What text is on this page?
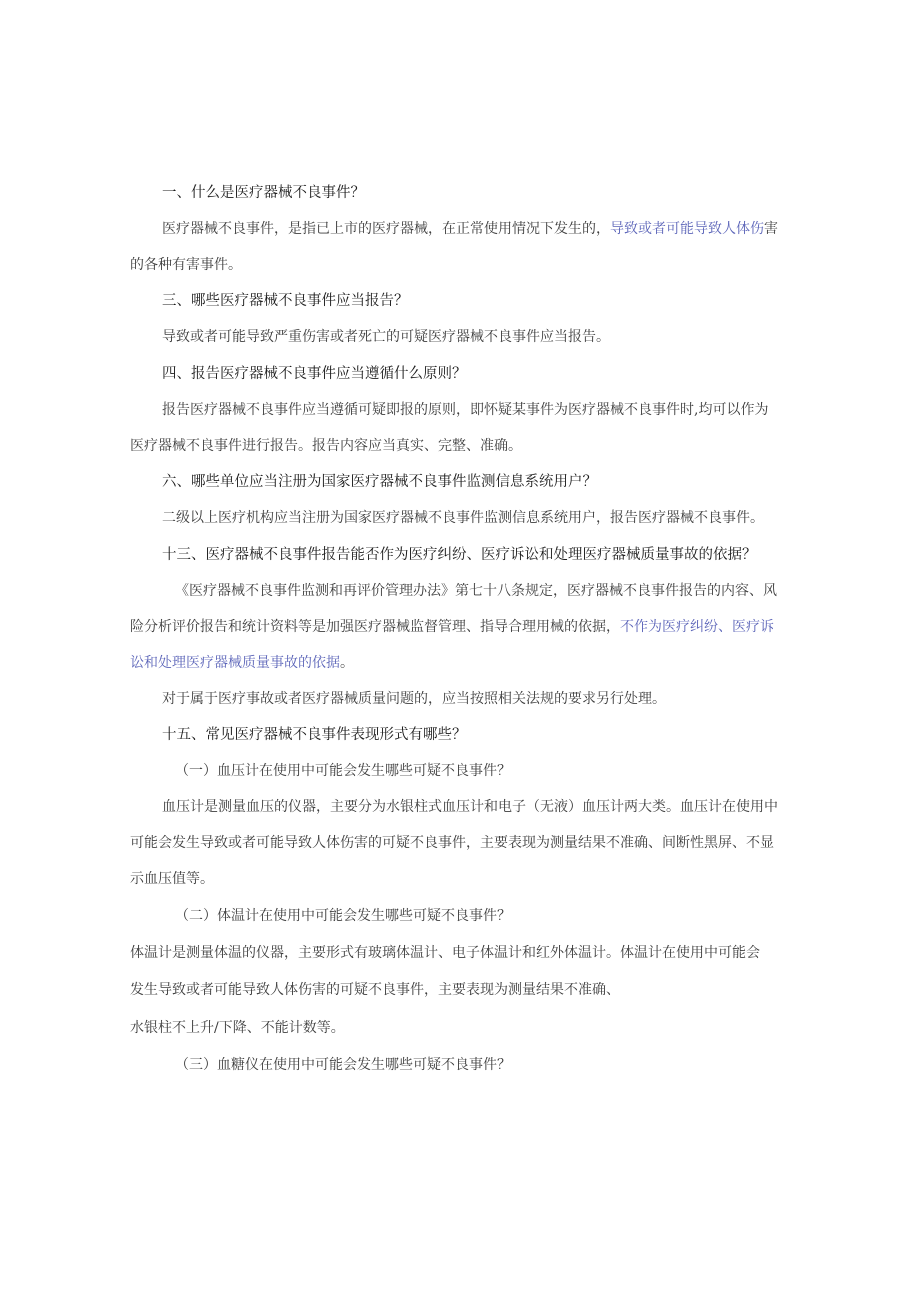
一、什么是医疗器械不良事件？
医疗器械不良事件，是指已上市的医疗器械，在正常使用情况下发生的，导致或者可能导致人体伤害
的各种有害事件。
三、哪些医疗器械不良事件应当报告？
导致或者可能导致严重伤害或者死亡的可疑医疗器械不良事件应当报告。
四、报告医疗器械不良事件应当遵循什么原则？
报告医疗器械不良事件应当遵循可疑即报的原则，即怀疑某事件为医疗器械不良事件时,均可以作为
医疗器械不良事件进行报告。报告内容应当真实、完整、准确。
六、哪些单位应当注册为国家医疗器械不良事件监测信息系统用户？
二级以上医疗机构应当注册为国家医疗器械不良事件监测信息系统用户，报告医疗器械不良事件。
十三、医疗器械不良事件报告能否作为医疗纠纷、医疗诉讼和处理医疗器械质量事故的依据？
《医疗器械不良事件监测和再评价管理办法》第七十八条规定，医疗器械不良事件报告的内容、风
险分析评价报告和统计资料等是加强医疗器械监督管理、指导合理用械的依据，不作为医疗纠纷、医疗诉
讼和处理医疗器械质量事故的依据。
对于属于医疗事故或者医疗器械质量问题的，应当按照相关法规的要求另行处理。
十五、常见医疗器械不良事件表现形式有哪些？
（一）血压计在使用中可能会发生哪些可疑不良事件？
血压计是测量血压的仪器，主要分为水银柱式血压计和电子（无液）血压计两大类。血压计在使用中
可能会发生导致或者可能导致人体伤害的可疑不良事件，主要表现为测量结果不准确、间断性黑屏、不显
示血压值等。
（二）体温计在使用中可能会发生哪些可疑不良事件？
体温计是测量体温的仪器，主要形式有玻璃体温计、电子体温计和红外体温计。体温计在使用中可能会
发生导致或者可能导致人体伤害的可疑不良事件，主要表现为测量结果不准确、
水银柱不上升/下降、不能计数等。
（三）血糖仪在使用中可能会发生哪些可疑不良事件？
